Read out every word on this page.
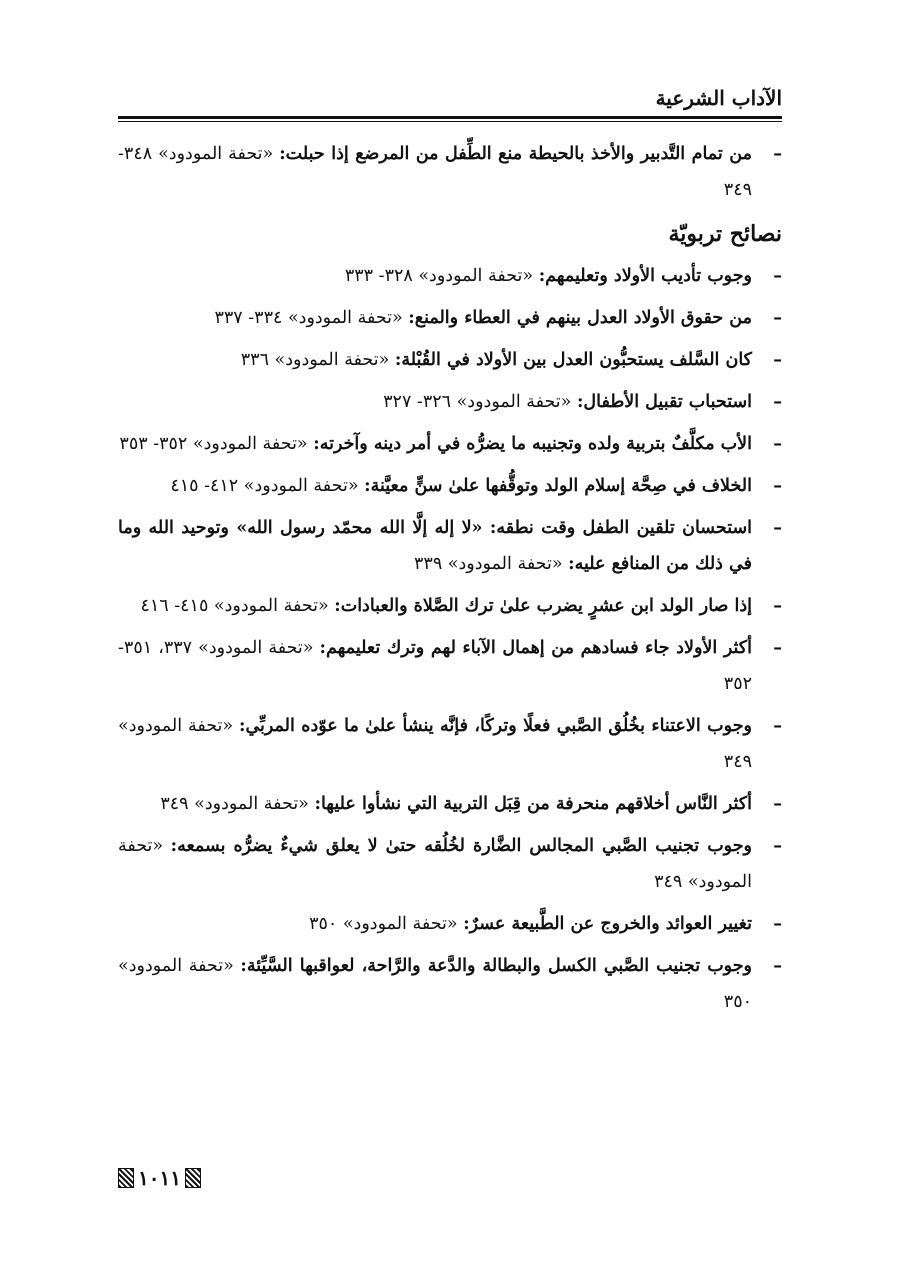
الآداب الشرعية
–
من تمام التَّدبير والأخذ بالحيطة منع الطِّفل من المرضع إذا حبلت: «تحفة المودود» ٣٤٨- ٣٤٩
نصائح تربويّة
–
وجوب تأديب الأولاد وتعليمهم: «تحفة المودود» ٣٢٨- ٣٣٣
–
من حقوق الأولاد العدل بينهم في العطاء والمنع: «تحفة المودود» ٣٣٤- ٣٣٧
–
كان السَّلف يستحبُّون العدل بين الأولاد في القُبْلة: «تحفة المودود» ٣٣٦
–
استحباب تقبيل الأطفال: «تحفة المودود» ٣٢٦- ٣٢٧
–
الأب مكلَّفٌ بتربية ولده وتجنيبه ما يضرُّه في أمر دينه وآخرته: «تحفة المودود» ٣٥٢- ٣٥٣
–
الخلاف في صِحَّة إسلام الولد وتوقُّفها علىٰ سنٍّ معيَّنة: «تحفة المودود» ٤١٢- ٤١٥
–
استحسان تلقين الطفل وقت نطقه: «لا إله إلَّا الله محمّد رسول الله» وتوحيد الله وما في ذلك من المنافع عليه: «تحفة المودود» ٣٣٩
–
إذا صار الولد ابن عشرٍ يضرب علىٰ ترك الصَّلاة والعبادات: «تحفة المودود» ٤١٥- ٤١٦
–
أكثر الأولاد جاء فسادهم من إهمال الآباء لهم وترك تعليمهم: «تحفة المودود» ٣٣٧، ٣٥١- ٣٥٢
–
وجوب الاعتناء بخُلُق الصَّبي فعلًا وتركًا، فإنَّه ينشأ علىٰ ما عوّده المربِّي: «تحفة المودود» ٣٤٩
–
أكثر النَّاس أخلاقهم منحرفة من قِبَل التربية التي نشأوا عليها: «تحفة المودود» ٣٤٩
–
وجوب تجنيب الصَّبي المجالس الضَّارة لخُلُقه حتىٰ لا يعلق شيءٌ يضرُّه بسمعه: «تحفة المودود» ٣٤٩
–
تغيير العوائد والخروج عن الطَّبيعة عسرٌ: «تحفة المودود» ٣٥٠
–
وجوب تجنيب الصَّبي الكسل والبطالة والدَّعة والرَّاحة، لعواقبها السَّيِّئة: «تحفة المودود» ٣٥٠
١٠١١
